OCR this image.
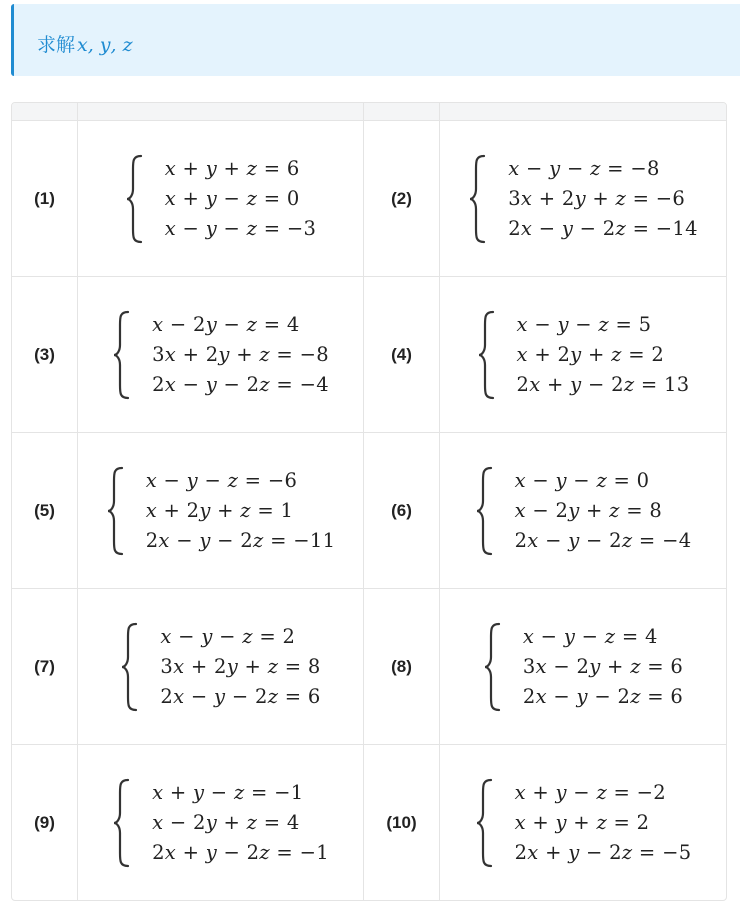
求解 𝑥, 𝑦, 𝑧
(1)
𝑥 + 𝑦 + 𝑧 = 6
𝑥 + 𝑦 − 𝑧 = 0
𝑥 − 𝑦 − 𝑧 = −3
(2)
𝑥 − 𝑦 − 𝑧 = −8
3𝑥 + 2𝑦 + 𝑧 = −6
2𝑥 − 𝑦 − 2𝑧 = −14
(3)
𝑥 − 2𝑦 − 𝑧 = 4
3𝑥 + 2𝑦 + 𝑧 = −8
2𝑥 − 𝑦 − 2𝑧 = −4
(4)
𝑥 − 𝑦 − 𝑧 = 5
𝑥 + 2𝑦 + 𝑧 = 2
2𝑥 + 𝑦 − 2𝑧 = 13
(5)
𝑥 − 𝑦 − 𝑧 = −6
𝑥 + 2𝑦 + 𝑧 = 1
2𝑥 − 𝑦 − 2𝑧 = −11
(6)
𝑥 − 𝑦 − 𝑧 = 0
𝑥 − 2𝑦 + 𝑧 = 8
2𝑥 − 𝑦 − 2𝑧 = −4
(7)
𝑥 − 𝑦 − 𝑧 = 2
3𝑥 + 2𝑦 + 𝑧 = 8
2𝑥 − 𝑦 − 2𝑧 = 6
(8)
𝑥 − 𝑦 − 𝑧 = 4
3𝑥 − 2𝑦 + 𝑧 = 6
2𝑥 − 𝑦 − 2𝑧 = 6
(9)
𝑥 + 𝑦 − 𝑧 = −1
𝑥 − 2𝑦 + 𝑧 = 4
2𝑥 + 𝑦 − 2𝑧 = −1
(10)
𝑥 + 𝑦 − 𝑧 = −2
𝑥 + 𝑦 + 𝑧 = 2
2𝑥 + 𝑦 − 2𝑧 = −5
